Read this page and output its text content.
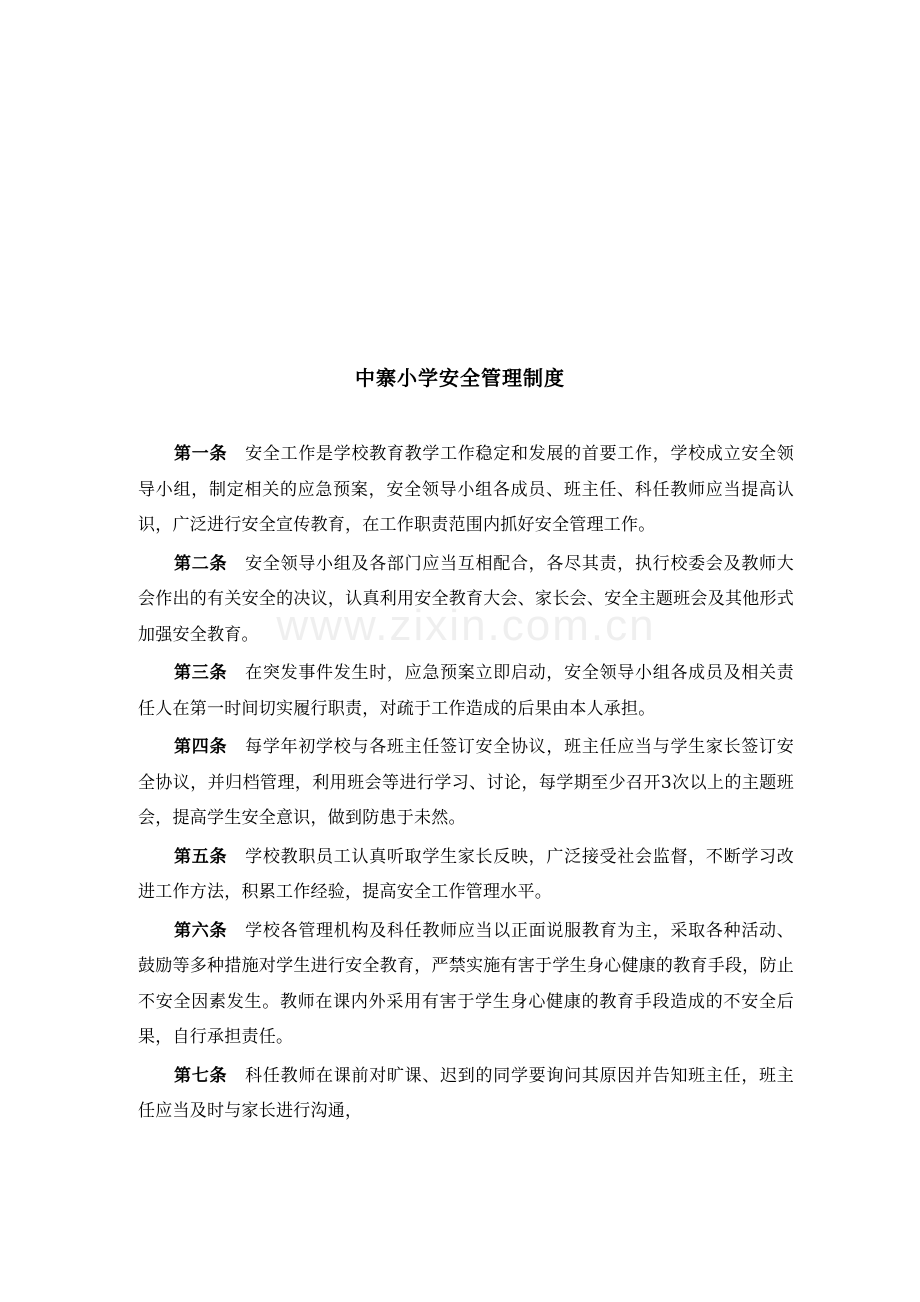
www.zixin.com.cn
中寨小学安全管理制度

第一条 安全工作是学校教育教学工作稳定和发展的首要工作，学校成立安全领导小组，制定相关的应急预案，安全领导小组各成员、班主任、科任教师应当提高认识，广泛进行安全宣传教育，在工作职责范围内抓好安全管理工作。

第二条 安全领导小组及各部门应当互相配合，各尽其责，执行校委会及教师大会作出的有关安全的决议，认真利用安全教育大会、家长会、安全主题班会及其他形式加强安全教育。

第三条 在突发事件发生时，应急预案立即启动，安全领导小组各成员及相关责任人在第一时间切实履行职责，对疏于工作造成的后果由本人承担。

第四条 每学年初学校与各班主任签订安全协议，班主任应当与学生家长签订安全协议，并归档管理，利用班会等进行学习、讨论，每学期至少召开3次以上的主题班会，提高学生安全意识，做到防患于未然。

第五条 学校教职员工认真听取学生家长反映，广泛接受社会监督，不断学习改进工作方法，积累工作经验，提高安全工作管理水平。

第六条 学校各管理机构及科任教师应当以正面说服教育为主，采取各种活动、鼓励等多种措施对学生进行安全教育，严禁实施有害于学生身心健康的教育手段，防止不安全因素发生。教师在课内外采用有害于学生身心健康的教育手段造成的不安全后果，自行承担责任。

第七条 科任教师在课前对旷课、迟到的同学要询问其原因并告知班主任，班主任应当及时与家长进行沟通，
